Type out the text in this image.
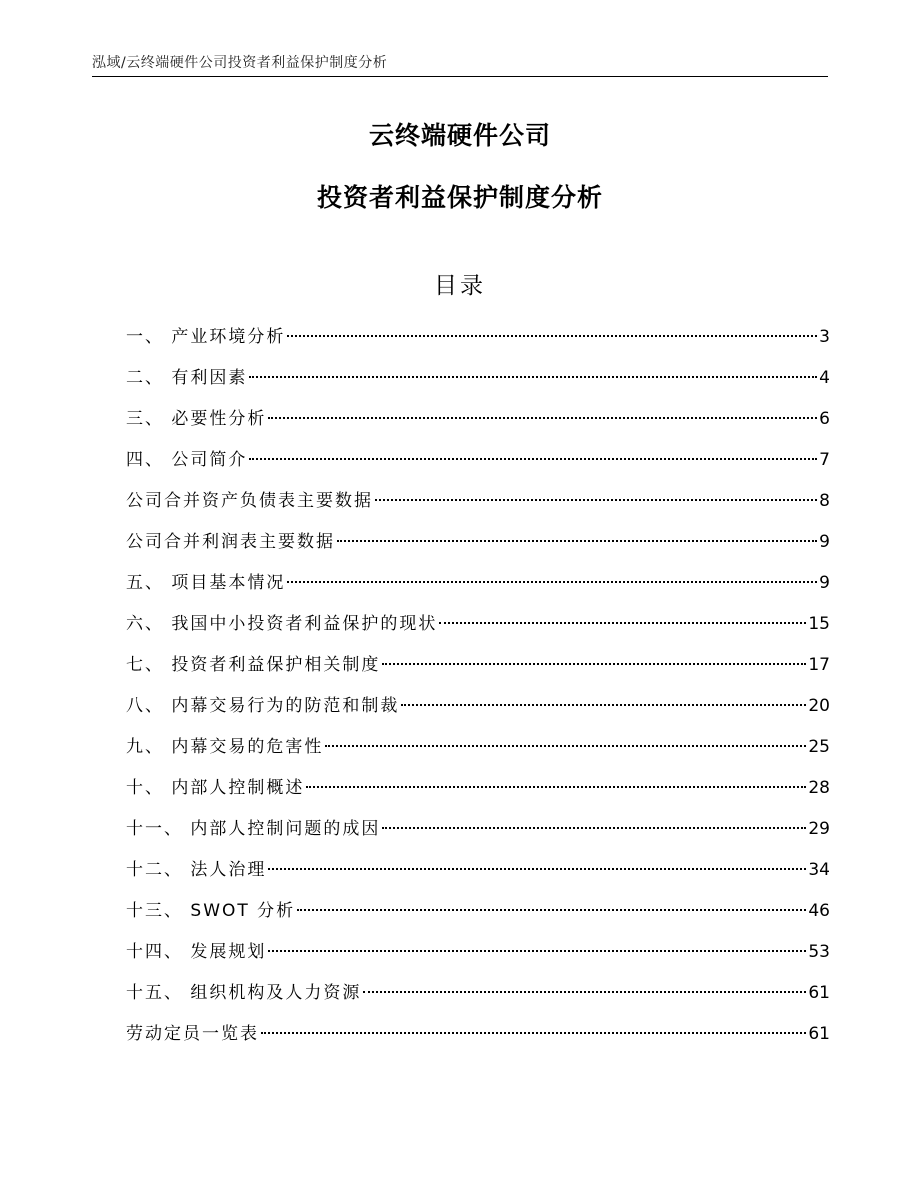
泓域/云终端硬件公司投资者利益保护制度分析
云终端硬件公司
投资者利益保护制度分析
目录
一、 产业环境分析	3
二、 有利因素	4
三、 必要性分析	6
四、 公司简介	7
公司合并资产负债表主要数据	8
公司合并利润表主要数据	9
五、 项目基本情况	9
六、 我国中小投资者利益保护的现状	15
七、 投资者利益保护相关制度	17
八、 内幕交易行为的防范和制裁	20
九、 内幕交易的危害性	25
十、 内部人控制概述	28
十一、 内部人控制问题的成因	29
十二、 法人治理	34
十三、 SWOT 分析	46
十四、 发展规划	53
十五、 组织机构及人力资源	61
劳动定员一览表	61
